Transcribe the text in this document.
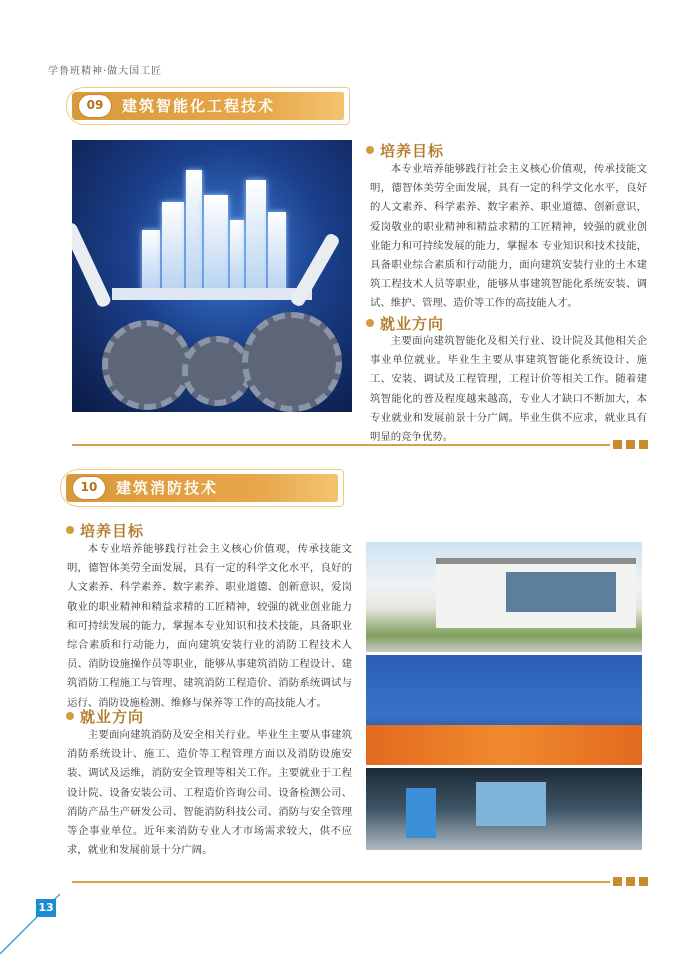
学鲁班精神·做大国工匠
09	建筑智能化工程技术
培养目标
本专业培养能够践行社会主义核心价值观，传承技能文明，德智体美劳全面发展，具有一定的科学文化水平，良好的人文素养、科学素养、数字素养、职业道德、创新意识，爱岗敬业的职业精神和精益求精的工匠精神，较强的就业创业能力和可持续发展的能力，掌握本 专业知识和技术技能，具备职业综合素质和行动能力，面向建筑安装行业的土木建筑工程技术人员等职业，能够从事建筑智能化系统安装、调试、维护、管理、造价等工作的高技能人才。
就业方向
主要面向建筑智能化及相关行业、设计院及其他相关企事业单位就业。毕业生主要从事建筑智能化系统设计、施工、安装、调试及工程管理，工程计价等相关工作。随着建筑智能化的普及程度越来越高，专业人才缺口不断加大，本专业就业和发展前景十分广阔。毕业生供不应求，就业具有明显的竞争优势。
10	建筑消防技术
培养目标
本专业培养能够践行社会主义核心价值观，传承技能文明，德智体美劳全面发展，具有一定的科学文化水平，良好的人文素养、科学素养、数字素养、职业道德、创新意识，爱岗敬业的职业精神和精益求精的工匠精神，较强的就业创业能力和可持续发展的能力，掌握本专业知识和技术技能，具备职业综合素质和行动能力，面向建筑安装行业的消防工程技术人员、消防设施操作员等职业，能够从事建筑消防工程设计、建筑消防工程施工与管理、建筑消防工程造价、消防系统调试与运行、消防设施检测、维修与保养等工作的高技能人才。
就业方向
主要面向建筑消防及安全相关行业。毕业生主要从事建筑消防系统设计、施工、造价等工程管理方面以及消防设施安装、调试及运维，消防安全管理等相关工作。主要就业于工程设计院、设备安装公司、工程造价咨询公司、设备检测公司、消防产品生产研发公司、智能消防科技公司、消防与安全管理等企事业单位。近年来消防专业人才市场需求较大，供不应求，就业和发展前景十分广阔。
13
